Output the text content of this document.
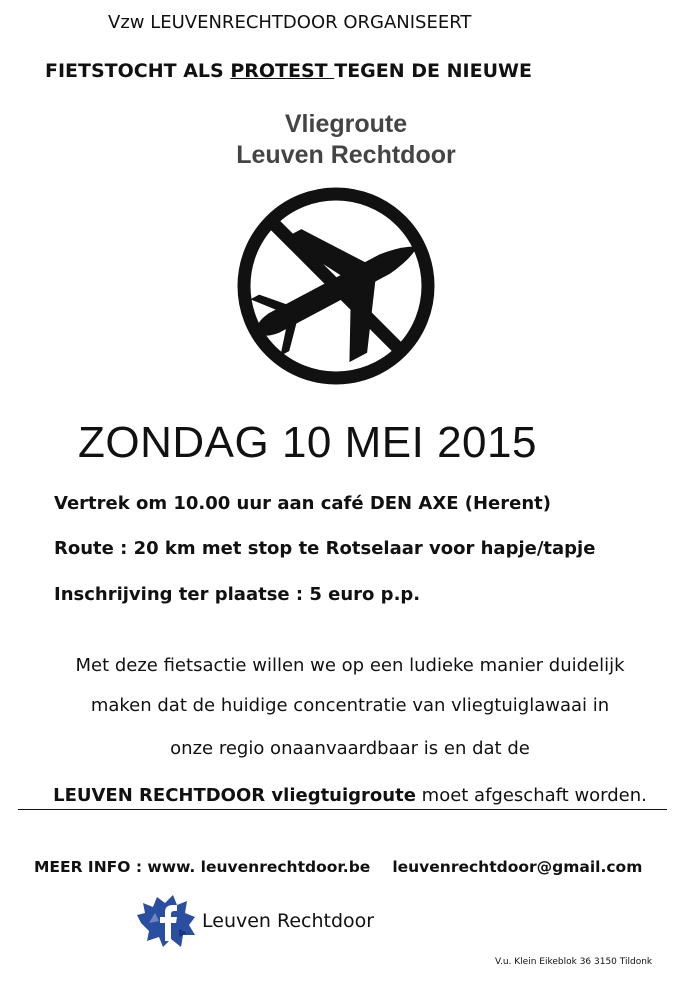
Vzw LEUVENRECHTDOOR ORGANISEERT
FIETSTOCHT ALS PROTEST TEGEN DE NIEUWE
Vliegroute
Leuven Rechtdoor
ZONDAG 10 MEI 2015
Vertrek om 10.00 uur aan café DEN AXE (Herent)
Route : 20 km met stop te Rotselaar voor hapje/tapje
Inschrijving ter plaatse : 5 euro p.p.
Met deze fietsactie willen we op een ludieke manier duidelijk
maken dat de huidige concentratie van vliegtuiglawaai in
onze regio onaanvaardbaar is en dat de
LEUVEN RECHTDOOR vliegtuigroute moet afgeschaft worden.
MEER INFO : www. leuvenrechtdoor.be leuvenrechtdoor@gmail.com
Leuven Rechtdoor
V.u. Klein Eikeblok 36 3150 Tildonk
